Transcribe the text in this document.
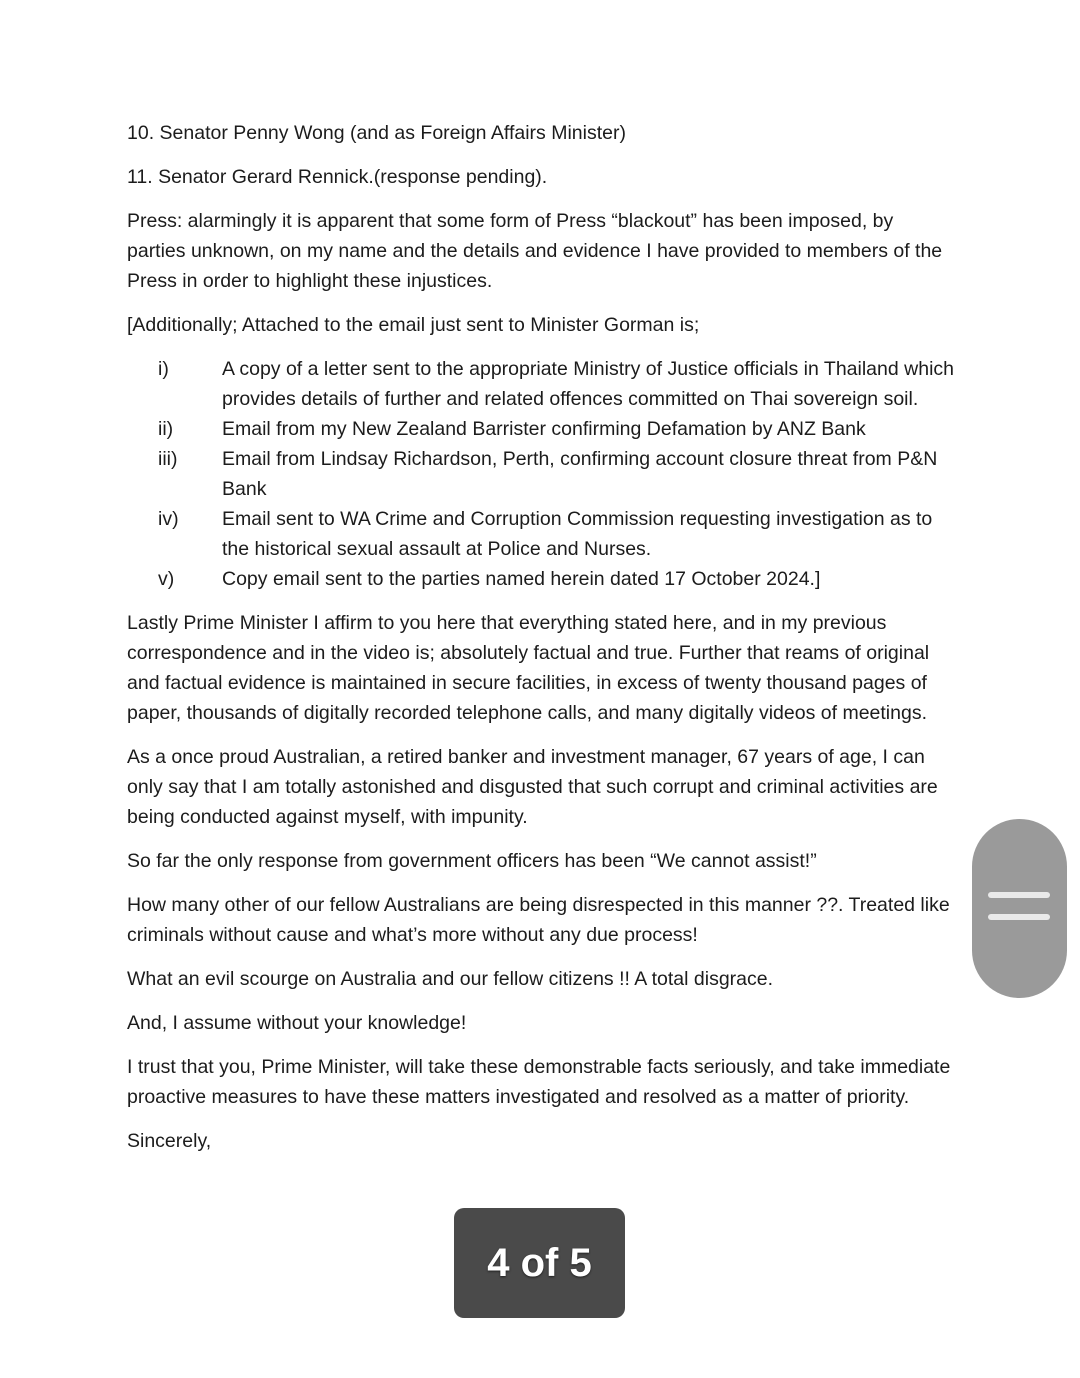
10. Senator Penny Wong (and as Foreign Affairs Minister)

11. Senator Gerard Rennick.(response pending).

Press: alarmingly it is apparent that some form of Press “blackout” has been imposed, by parties unknown, on my name and the details and evidence I have provided to members of the Press in order to highlight these injustices.

[Additionally; Attached to the email just sent to Minister Gorman is;

i)	A copy of a letter sent to the appropriate Ministry of Justice officials in Thailand which provides details of further and related offences committed on Thai sovereign soil.
ii)	Email from my New Zealand Barrister confirming Defamation by ANZ Bank
iii)	Email from Lindsay Richardson, Perth, confirming account closure threat from P&N Bank
iv)	Email sent to WA Crime and Corruption Commission requesting investigation as to the historical sexual assault at Police and Nurses.
v)	Copy email sent to the parties named herein dated 17 October 2024.]

Lastly Prime Minister I affirm to you here that everything stated here, and in my previous correspondence and in the video is; absolutely factual and true. Further that reams of original and factual evidence is maintained in secure facilities, in excess of twenty thousand pages of paper, thousands of digitally recorded telephone calls, and many digitally videos of meetings.

As a once proud Australian, a retired banker and investment manager, 67 years of age, I can only say that I am totally astonished and disgusted that such corrupt and criminal activities are being conducted against myself, with impunity.

So far the only response from government officers has been “We cannot assist!”

How many other of our fellow Australians are being disrespected in this manner ??. Treated like criminals without cause and what’s more without any due process!

What an evil scourge on Australia and our fellow citizens !! A total disgrace.

And, I assume without your knowledge!

I trust that you, Prime Minister, will take these demonstrable facts seriously, and take immediate proactive measures to have these matters investigated and resolved as a matter of priority.

Sincerely,

4 of 5
